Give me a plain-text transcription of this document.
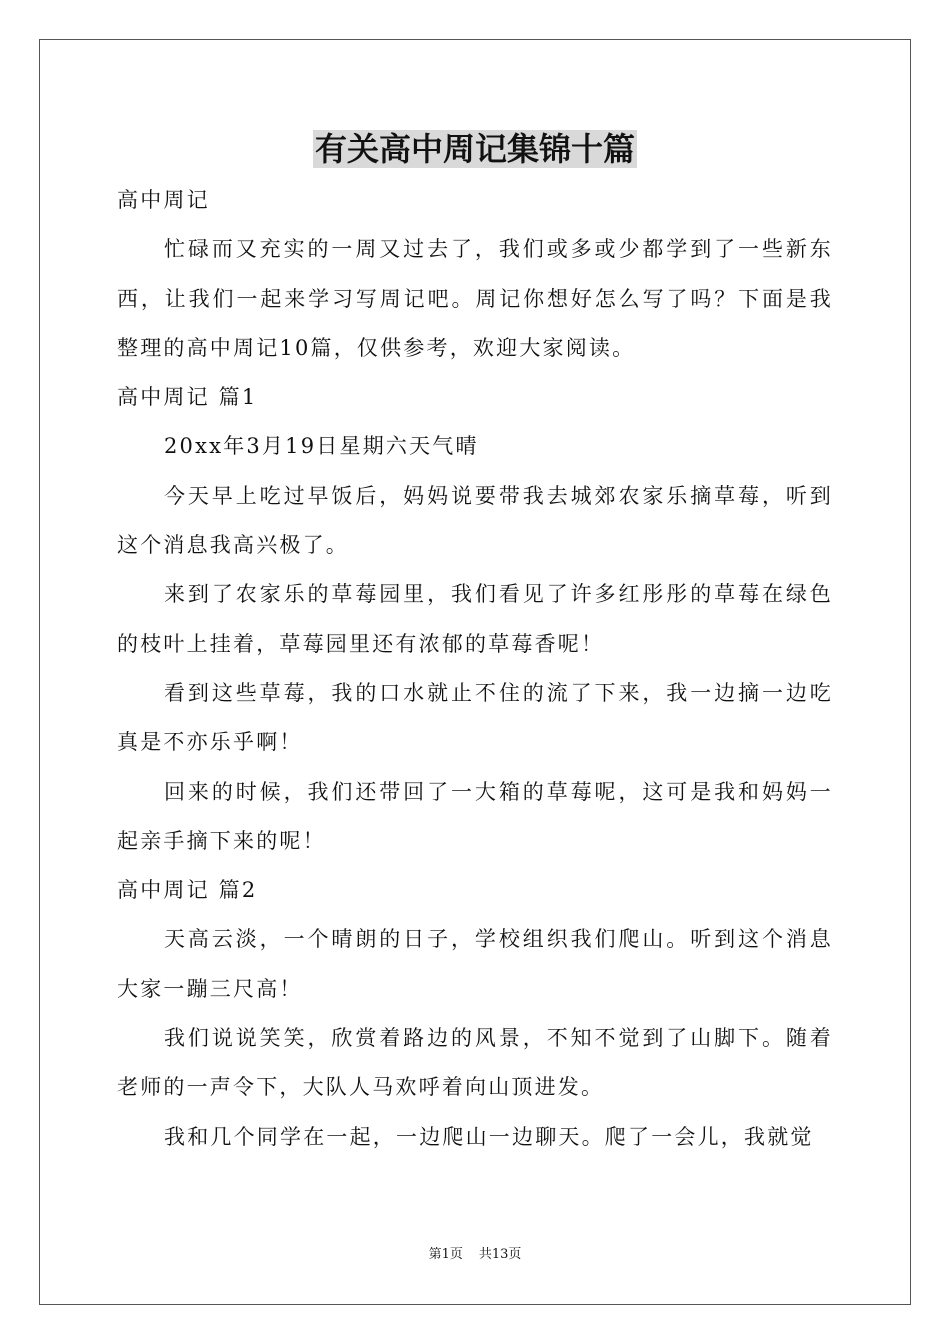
有关高中周记集锦十篇

高中周记

忙碌而又充实的一周又过去了，我们或多或少都学到了一些新东西，让我们一起来学习写周记吧。周记你想好怎么写了吗？下面是我整理的高中周记10篇，仅供参考，欢迎大家阅读。

高中周记 篇1

20xx年3月19日星期六天气晴

今天早上吃过早饭后，妈妈说要带我去城郊农家乐摘草莓，听到这个消息我高兴极了。

来到了农家乐的草莓园里，我们看见了许多红彤彤的草莓在绿色的枝叶上挂着，草莓园里还有浓郁的草莓香呢！

看到这些草莓，我的口水就止不住的流了下来，我一边摘一边吃真是不亦乐乎啊！

回来的时候，我们还带回了一大箱的草莓呢，这可是我和妈妈一起亲手摘下来的呢！

高中周记 篇2

天高云淡，一个晴朗的日子，学校组织我们爬山。听到这个消息大家一蹦三尺高！

我们说说笑笑，欣赏着路边的风景，不知不觉到了山脚下。随着老师的一声令下，大队人马欢呼着向山顶进发。

我和几个同学在一起，一边爬山一边聊天。爬了一会儿，我就觉

第1页 共13页
